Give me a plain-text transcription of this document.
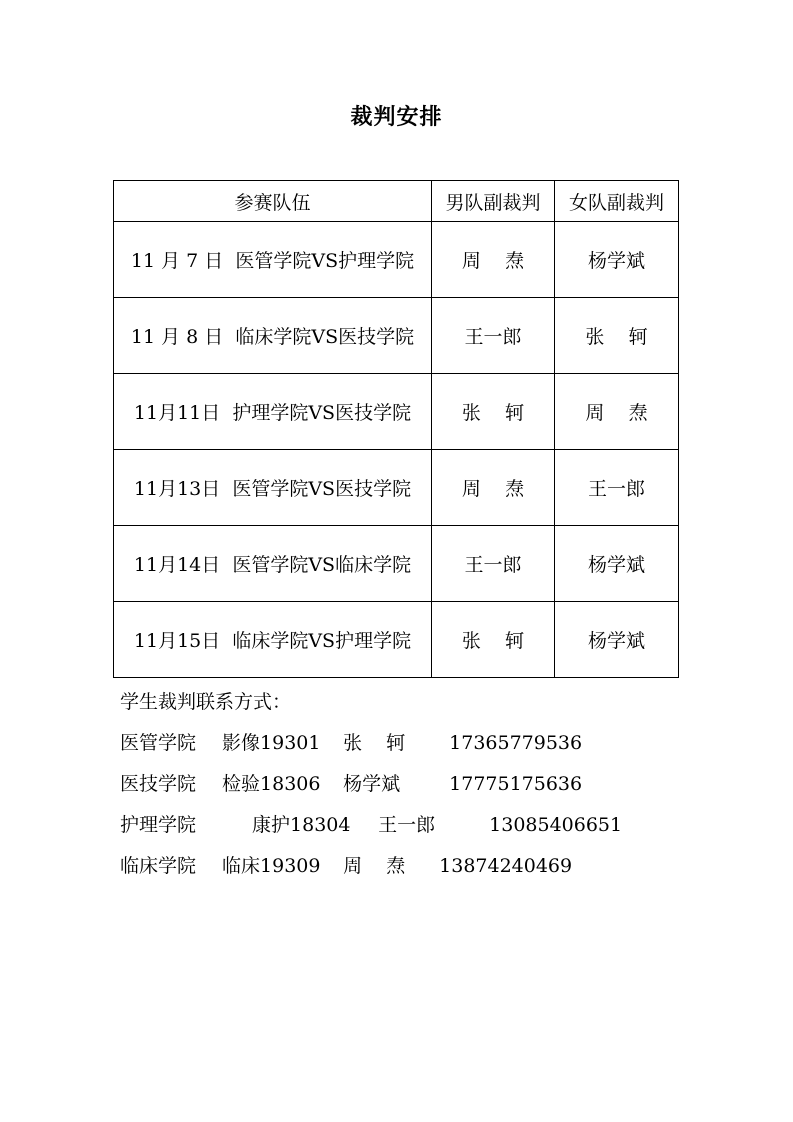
裁判安排
参赛队伍	男队副裁判	女队副裁判
11 月 7 日  医管学院VS护理学院	周    焘	杨学斌
11 月 8 日  临床学院VS医技学院	王一郎	张    轲
11月11日  护理学院VS医技学院	张    轲	周    焘
11月13日  医管学院VS医技学院	周    焘	王一郎
11月14日  医管学院VS临床学院	王一郎	杨学斌
11月15日  临床学院VS护理学院	张    轲	杨学斌
学生裁判联系方式：
医管学院 影像19301 张    轲 17365779536
医技学院 检验18306 杨学斌	17775175636
护理学院	康护18304 王一郎	13085406651
临床学院 临床19309 周    焘 13874240469
